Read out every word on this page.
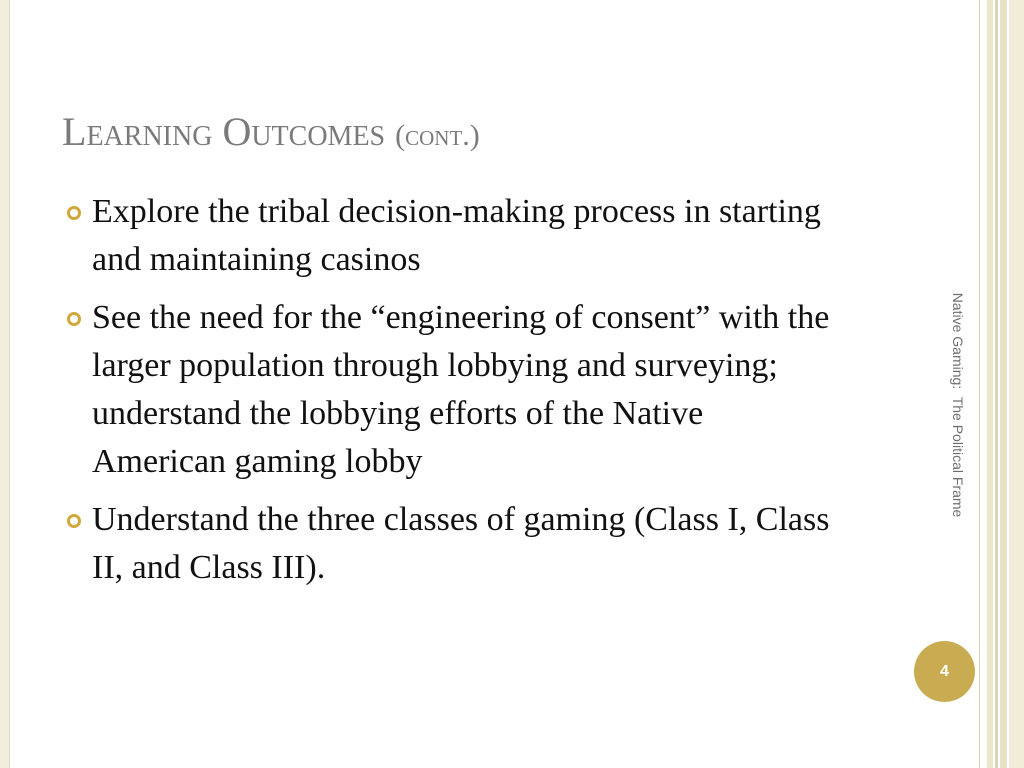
Learning Outcomes (cont.)
Explore the tribal decision-making process in starting and maintaining casinos
See the need for the “engineering of consent” with the larger population through lobbying and surveying; understand the lobbying efforts of the Native American gaming lobby
Understand the three classes of gaming (Class I, Class II, and Class III).
Native Gaming:  The Political Frame
4
